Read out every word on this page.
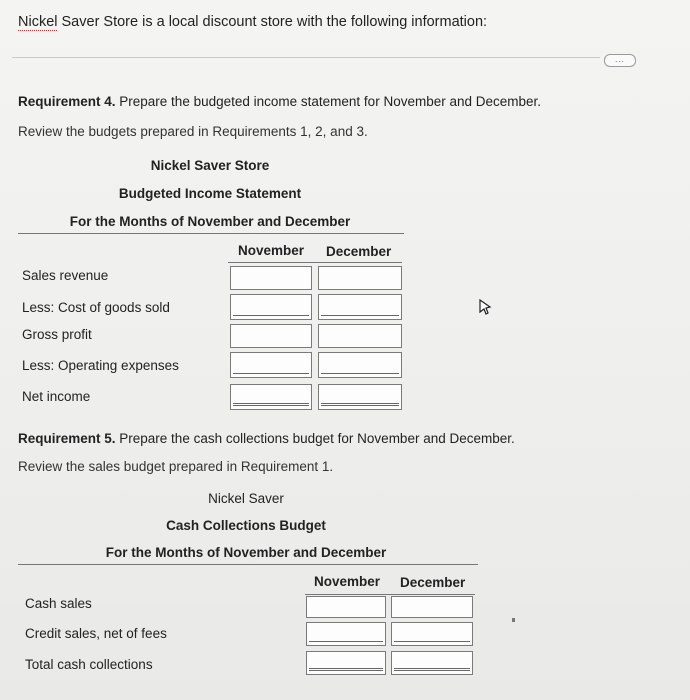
Nickel Saver Store is a local discount store with the following information:
...
Requirement 4. Prepare the budgeted income statement for November and December.
Review the budgets prepared in Requirements 1, 2, and 3.
Nickel Saver Store
Budgeted Income Statement
For the Months of November and December
November December
Sales revenue
Less: Cost of goods sold
Gross profit
Less: Operating expenses
Net income
Requirement 5. Prepare the cash collections budget for November and December.
Review the sales budget prepared in Requirement 1.
Nickel Saver
Cash Collections Budget
For the Months of November and December
November December
Cash sales
Credit sales, net of fees
Total cash collections
